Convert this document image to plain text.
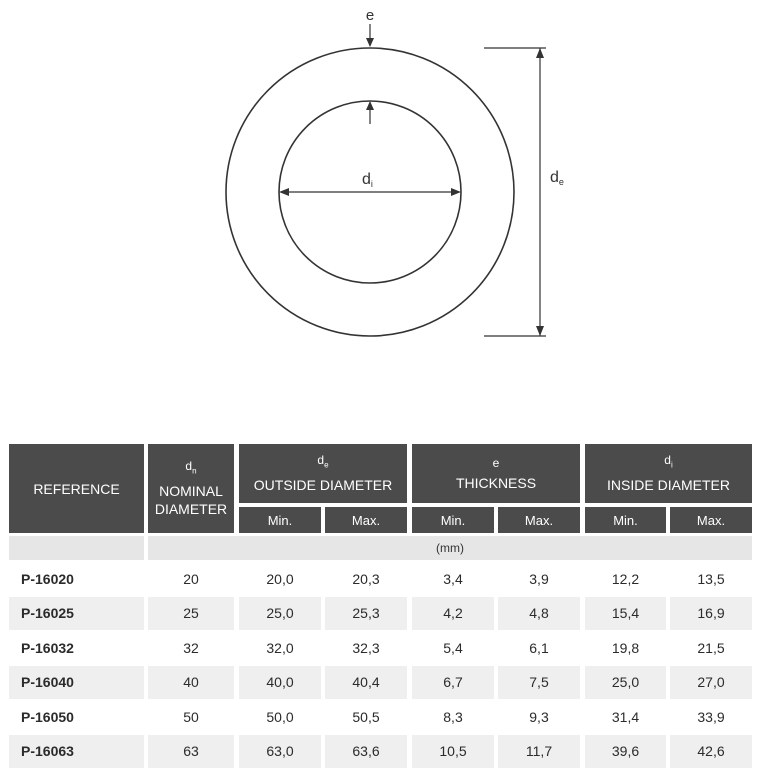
e
di	de
REFERENCE
$d_n$
NOMINAL
DIAMETER
$d_e$
OUTSIDE DIAMETER
e
THICKNESS
$d_i$
INSIDE DIAMETER
Min.	Max.	Min.	Max.	Min.	Max.
(mm)
P-16020	20	20,0	20,3	3,4	3,9	12,2	13,5
P-16025	25	25,0	25,3	4,2	4,8	15,4	16,9
P-16032	32	32,0	32,3	5,4	6,1	19,8	21,5
P-16040	40	40,0	40,4	6,7	7,5	25,0	27,0
P-16050	50	50,0	50,5	8,3	9,3	31,4	33,9
P-16063	63	63,0	63,6	10,5	11,7	39,6	42,6
